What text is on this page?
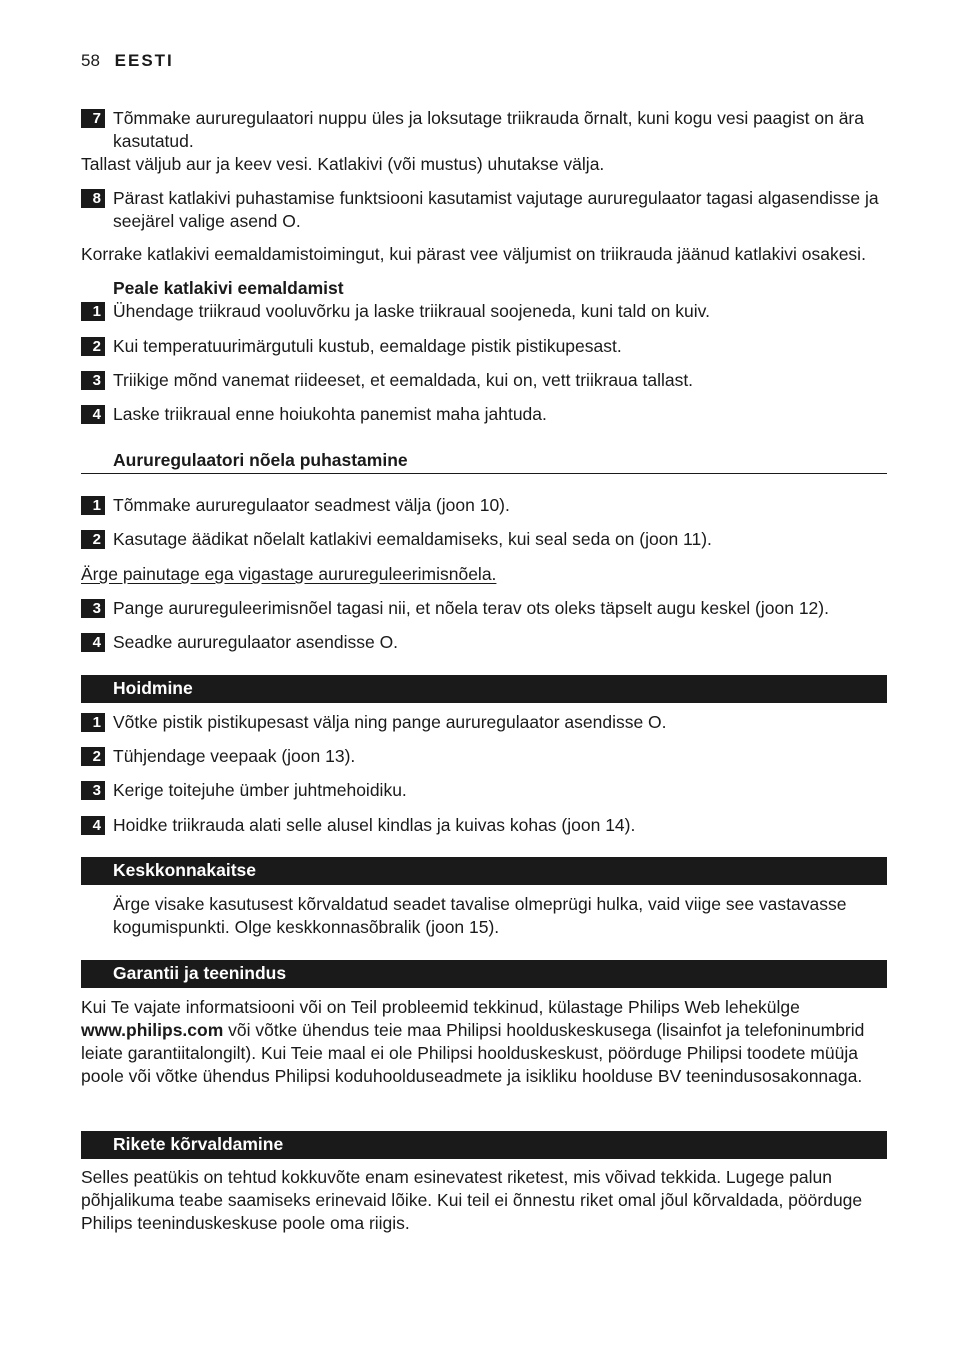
58 EESTI
7 Tõmmake aururegulaatori nuppu üles ja loksutage triikrauda õrnalt, kuni kogu vesi paagist on ära kasutatud.
Tallast väljub aur ja keev vesi. Katlakivi (või mustus) uhutakse välja.
8 Pärast katlakivi puhastamise funktsiooni kasutamist vajutage aururegulaator tagasi algasendisse ja seejärel valige asend O.
Korrake katlakivi eemaldamistoimingut, kui pärast vee väljumist on triikrauda jäänud katlakivi osakesi.
Peale katlakivi eemaldamist
1 Ühendage triikraud vooluvõrku ja laske triikraual soojeneda, kuni tald on kuiv.
2 Kui temperatuurimärgutuli kustub, eemaldage pistik pistikupesast.
3 Triikige mõnd vanemat riideeset, et eemaldada, kui on, vett triikraua tallast.
4 Laske triikraual enne hoiukohta panemist maha jahtuda.
Aururegulaatori nõela puhastamine
1 Tõmmake aururegulaator seadmest välja (joon 10).
2 Kasutage äädikat nõelalt katlakivi eemaldamiseks, kui seal seda on (joon 11).
Ärge painutage ega vigastage aurureguleerimisnõela.
3 Pange aurureguleerimisnõel tagasi nii, et nõela terav ots oleks täpselt augu keskel (joon 12).
4 Seadke aururegulaator asendisse O.
Hoidmine
1 Võtke pistik pistikupesast välja ning pange aururegulaator asendisse O.
2 Tühjendage veepaak (joon 13).
3 Kerige toitejuhe ümber juhtmehoidiku.
4 Hoidke triikrauda alati selle alusel kindlas ja kuivas kohas (joon 14).
Keskkonnakaitse
Ärge visake kasutusest kõrvaldatud seadet tavalise olmeprügi hulka, vaid viige see vastavasse kogumispunkti. Olge keskkonnasõbralik (joon 15).
Garantii ja teenindus
Kui Te vajate informatsiooni või on Teil probleemid tekkinud, külastage Philips Web lehekülge www.philips.com või võtke ühendus teie maa Philipsi hoolduskeskusega (lisainfot ja telefoninumbrid leiate garantiitalongilt). Kui Teie maal ei ole Philipsi hoolduskeskust, pöörduge Philipsi toodete müüja poole või võtke ühendus Philipsi koduhoolduseadmete ja isikliku hoolduse BV teenindusosakonnaga.
Rikete kõrvaldamine
Selles peatükis on tehtud kokkuvõte enam esinevatest riketest, mis võivad tekkida. Lugege palun põhjalikuma teabe saamiseks erinevaid lõike. Kui teil ei õnnestu riket omal jõul kõrvaldada, pöörduge Philips teeninduskeskuse poole oma riigis.
